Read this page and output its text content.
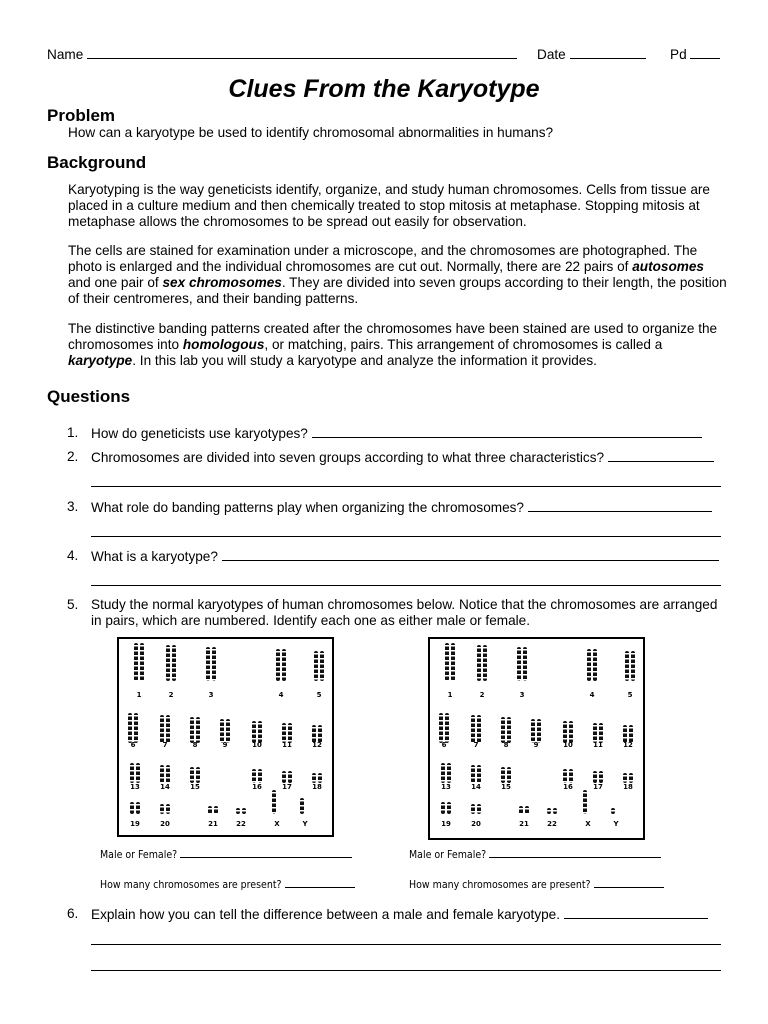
Name	Date	Pd
Clues From the Karyotype
Problem
How can a karyotype be used to identify chromosomal abnormalities in humans?
Background
Karyotyping is the way geneticists identify, organize, and study human chromosomes. Cells from tissue are placed in a culture medium and then chemically treated to stop mitosis at metaphase. Stopping mitosis at metaphase allows the chromosomes to be spread out easily for observation.
The cells are stained for examination under a microscope, and the chromosomes are photographed. The photo is enlarged and the individual chromosomes are cut out. Normally, there are 22 pairs of autosomes and one pair of sex chromosomes. They are divided into seven groups according to their length, the position of their centromeres, and their banding patterns.
The distinctive banding patterns created after the chromosomes have been stained are used to organize the chromosomes into homologous, or matching, pairs. This arrangement of chromosomes is called a karyotype. In this lab you will study a karyotype and analyze the information it provides.
Questions
1. How do geneticists use karyotypes?
2. Chromosomes are divided into seven groups according to what three characteristics?
3. What role do banding patterns play when organizing the chromosomes?
4. What is a karyotype?
5. Study the normal karyotypes of human chromosomes below. Notice that the chromosomes are arranged in pairs, which are numbered. Identify each one as either male or female.
1	2	3	4	5
6	7	8	9	10	11	12
13	14	15	16	17	18
19	20	21	22	X	Y
1	2	3	4	5
6	7	8	9	10	11	12
13	14	15	16	17	18
19	20	21	22	X	Y
Male or Female?
How many chromosomes are present?
Male or Female?
How many chromosomes are present?
6. Explain how you can tell the difference between a male and female karyotype.
